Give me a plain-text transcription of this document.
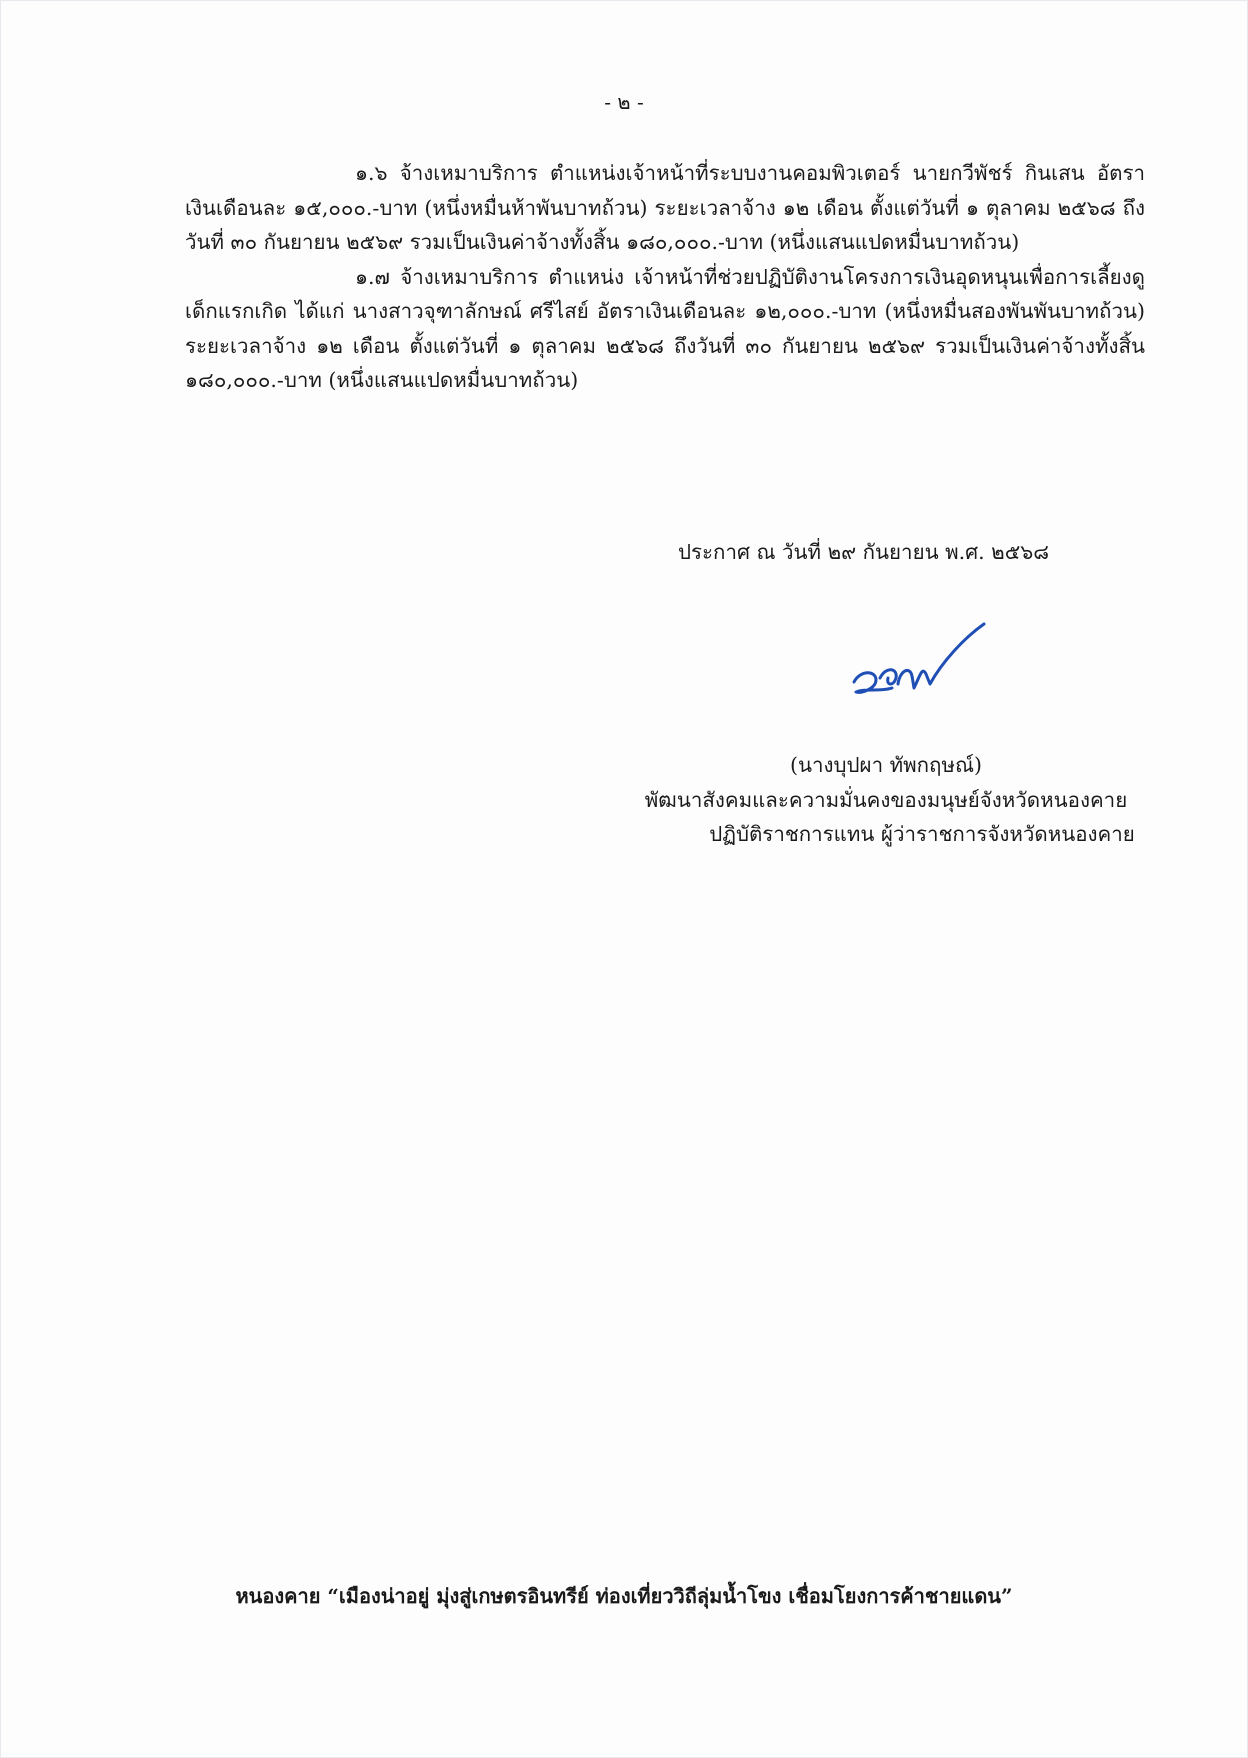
- ๒ -

๑.๖ จ้างเหมาบริการ ตำแหน่งเจ้าหน้าที่ระบบงานคอมพิวเตอร์ นายกวีพัชร์ กินเสน อัตราเงินเดือนละ ๑๕,๐๐๐.-บาท (หนึ่งหมื่นห้าพันบาทถ้วน) ระยะเวลาจ้าง ๑๒ เดือน ตั้งแต่วันที่ ๑ ตุลาคม ๒๕๖๘ ถึงวันที่ ๓๐ กันยายน ๒๕๖๙ รวมเป็นเงินค่าจ้างทั้งสิ้น ๑๘๐,๐๐๐.-บาท (หนึ่งแสนแปดหมื่นบาทถ้วน)

๑.๗ จ้างเหมาบริการ ตำแหน่ง เจ้าหน้าที่ช่วยปฏิบัติงานโครงการเงินอุดหนุนเพื่อการเลี้ยงดูเด็กแรกเกิด ได้แก่ นางสาวจุฑาลักษณ์ ศรีไสย์ อัตราเงินเดือนละ ๑๒,๐๐๐.-บาท (หนึ่งหมื่นสองพันพันบาทถ้วน) ระยะเวลาจ้าง ๑๒ เดือน ตั้งแต่วันที่ ๑ ตุลาคม ๒๕๖๘ ถึงวันที่ ๓๐ กันยายน ๒๕๖๙ รวมเป็นเงินค่าจ้างทั้งสิ้น ๑๘๐,๐๐๐.-บาท (หนึ่งแสนแปดหมื่นบาทถ้วน)

ประกาศ ณ วันที่ ๒๙ กันยายน พ.ศ. ๒๕๖๘
(นางบุปผา ทัพกฤษณ์)
พัฒนาสังคมและความมั่นคงของมนุษย์จังหวัดหนองคาย
ปฏิบัติราชการแทน ผู้ว่าราชการจังหวัดหนองคาย
หนองคาย “เมืองน่าอยู่ มุ่งสู่เกษตรอินทรีย์ ท่องเที่ยววิถีลุ่มน้ำโขง เชื่อมโยงการค้าชายแดน”
